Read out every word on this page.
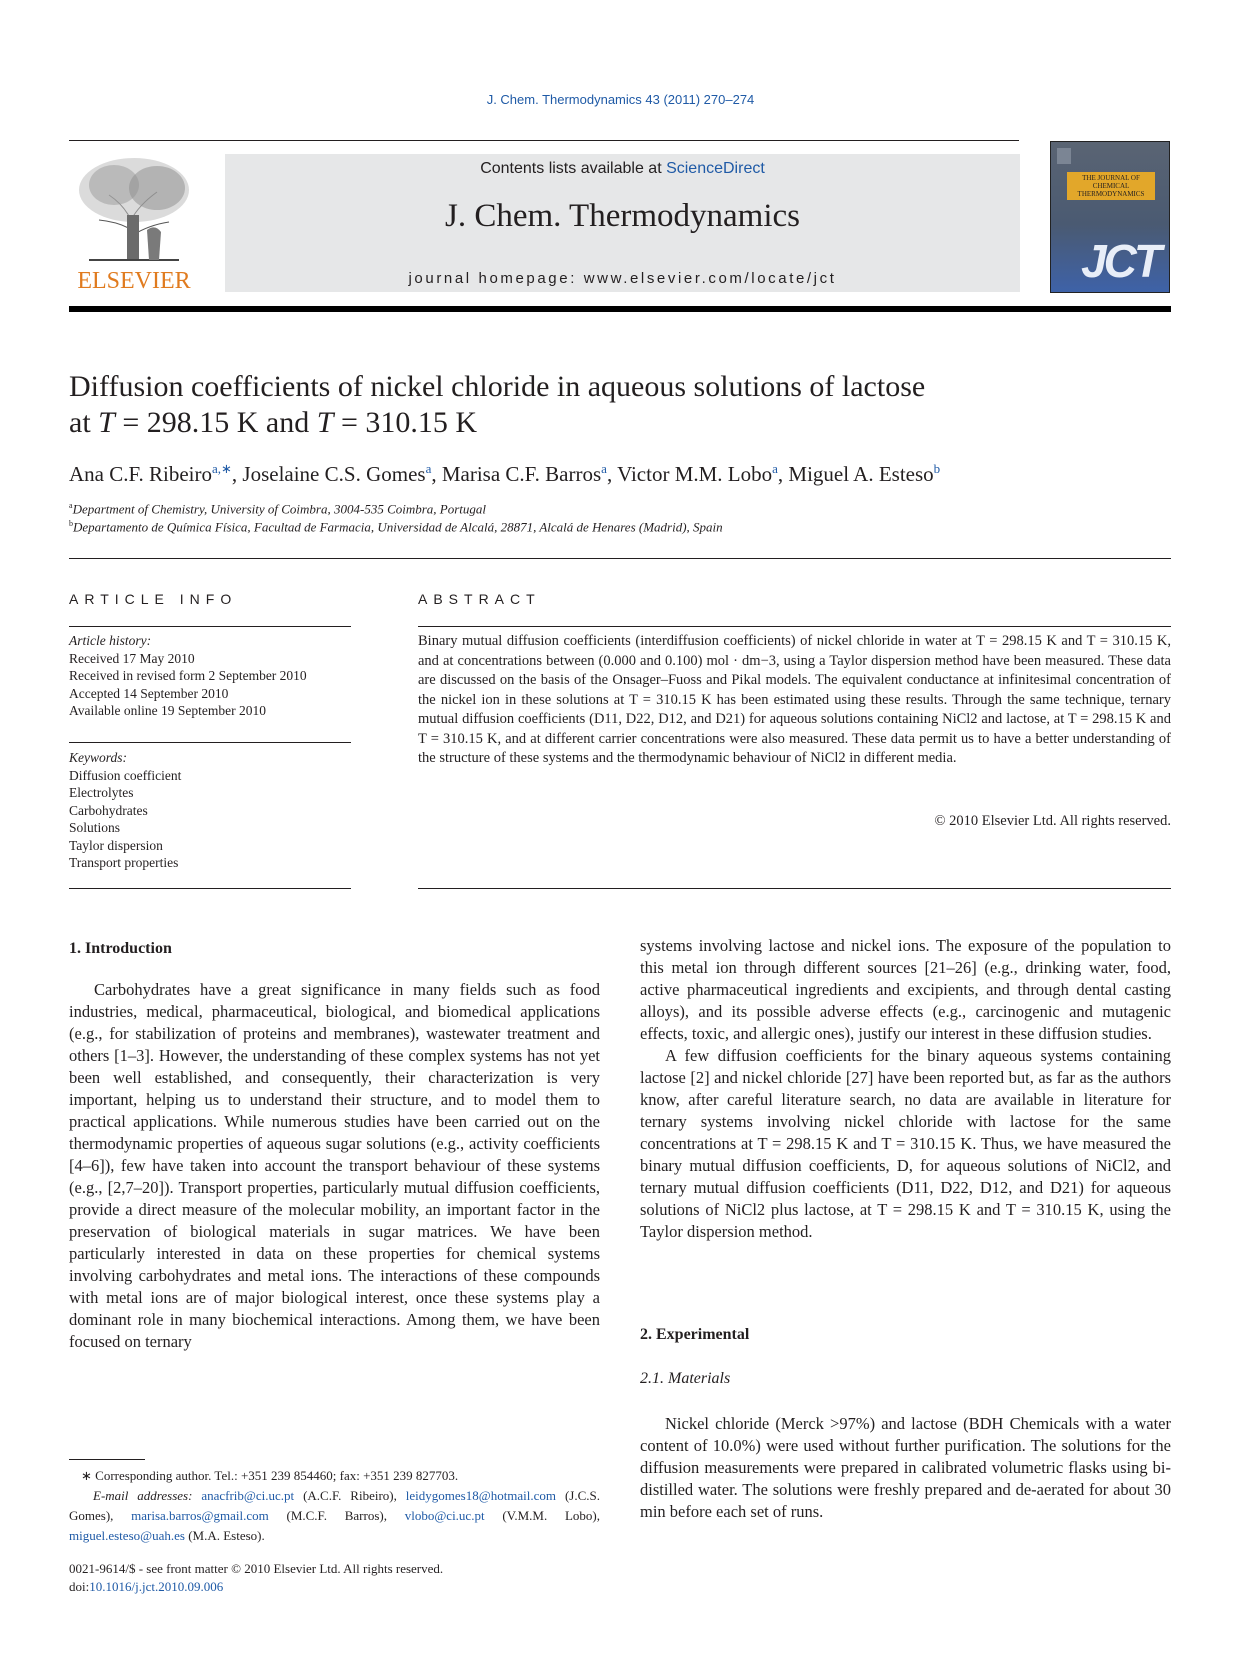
J. Chem. Thermodynamics 43 (2011) 270–274
ELSEVIER
Contents lists available at ScienceDirect
J. Chem. Thermodynamics
journal homepage: www.elsevier.com/locate/jct
THE JOURNAL OF CHEMICAL THERMODYNAMICS
JCT
Diffusion coefficients of nickel chloride in aqueous solutions of lactose
at T = 298.15 K and T = 310.15 K
Ana C.F. Ribeiro$^{a,∗}$, Joselaine C.S. Gomes$^a$, Marisa C.F. Barros$^a$, Victor M.M. Lobo$^a$, Miguel A. Esteso$^b$
$^a$Department of Chemistry, University of Coimbra, 3004-535 Coimbra, Portugal
$^b$Departamento de Química Física, Facultad de Farmacia, Universidad de Alcalá, 28871, Alcalá de Henares (Madrid), Spain
ARTICLE INFO
Article history:
Received 17 May 2010
Received in revised form 2 September 2010
Accepted 14 September 2010
Available online 19 September 2010
Keywords:
Diffusion coefficient
Electrolytes
Carbohydrates
Solutions
Taylor dispersion
Transport properties
ABSTRACT
Binary mutual diffusion coefficients (interdiffusion coefficients) of nickel chloride in water at T = 298.15 K and T = 310.15 K, and at concentrations between (0.000 and 0.100) mol · dm−3, using a Taylor dispersion method have been measured. These data are discussed on the basis of the Onsager–Fuoss and Pikal models. The equivalent conductance at infinitesimal concentration of the nickel ion in these solutions at T = 310.15 K has been estimated using these results. Through the same technique, ternary mutual diffusion coefficients (D11, D22, D12, and D21) for aqueous solutions containing NiCl2 and lactose, at T = 298.15 K and T = 310.15 K, and at different carrier concentrations were also measured. These data permit us to have a better understanding of the structure of these systems and the thermodynamic behaviour of NiCl2 in different media.
© 2010 Elsevier Ltd. All rights reserved.
1. Introduction

Carbohydrates have a great significance in many fields such as food industries, medical, pharmaceutical, biological, and biomedical applications (e.g., for stabilization of proteins and membranes), wastewater treatment and others [1–3]. However, the understanding of these complex systems has not yet been well established, and consequently, their characterization is very important, helping us to understand their structure, and to model them to practical applications. While numerous studies have been carried out on the thermodynamic properties of aqueous sugar solutions (e.g., activity coefficients [4–6]), few have taken into account the transport behaviour of these systems (e.g., [2,7–20]). Transport properties, particularly mutual diffusion coefficients, provide a direct measure of the molecular mobility, an important factor in the preservation of biological materials in sugar matrices. We have been particularly interested in data on these properties for chemical systems involving carbohydrates and metal ions. The interactions of these compounds with metal ions are of major biological interest, once these systems play a dominant role in many biochemical interactions. Among them, we have been focused on ternary

systems involving lactose and nickel ions. The exposure of the population to this metal ion through different sources [21–26] (e.g., drinking water, food, active pharmaceutical ingredients and excipients, and through dental casting alloys), and its possible adverse effects (e.g., carcinogenic and mutagenic effects, toxic, and allergic ones), justify our interest in these diffusion studies.

A few diffusion coefficients for the binary aqueous systems containing lactose [2] and nickel chloride [27] have been reported but, as far as the authors know, after careful literature search, no data are available in literature for ternary systems involving nickel chloride with lactose for the same concentrations at T = 298.15 K and T = 310.15 K. Thus, we have measured the binary mutual diffusion coefficients, D, for aqueous solutions of NiCl2, and ternary mutual diffusion coefficients (D11, D22, D12, and D21) for aqueous solutions of NiCl2 plus lactose, at T = 298.15 K and T = 310.15 K, using the Taylor dispersion method.

2. Experimental
2.1. Materials

Nickel chloride (Merck >97%) and lactose (BDH Chemicals with a water content of 10.0%) were used without further purification. The solutions for the diffusion measurements were prepared in calibrated volumetric flasks using bi-distilled water. The solutions were freshly prepared and de-aerated for about 30 min before each set of runs.

∗ Corresponding author. Tel.: +351 239 854460; fax: +351 239 827703.
E-mail addresses: anacfrib@ci.uc.pt (A.C.F. Ribeiro), leidygomes18@hotmail.com (J.C.S. Gomes), marisa.barros@gmail.com (M.C.F. Barros), vlobo@ci.uc.pt (V.M.M. Lobo), miguel.esteso@uah.es (M.A. Esteso).
0021-9614/$ - see front matter © 2010 Elsevier Ltd. All rights reserved.
doi:10.1016/j.jct.2010.09.006
